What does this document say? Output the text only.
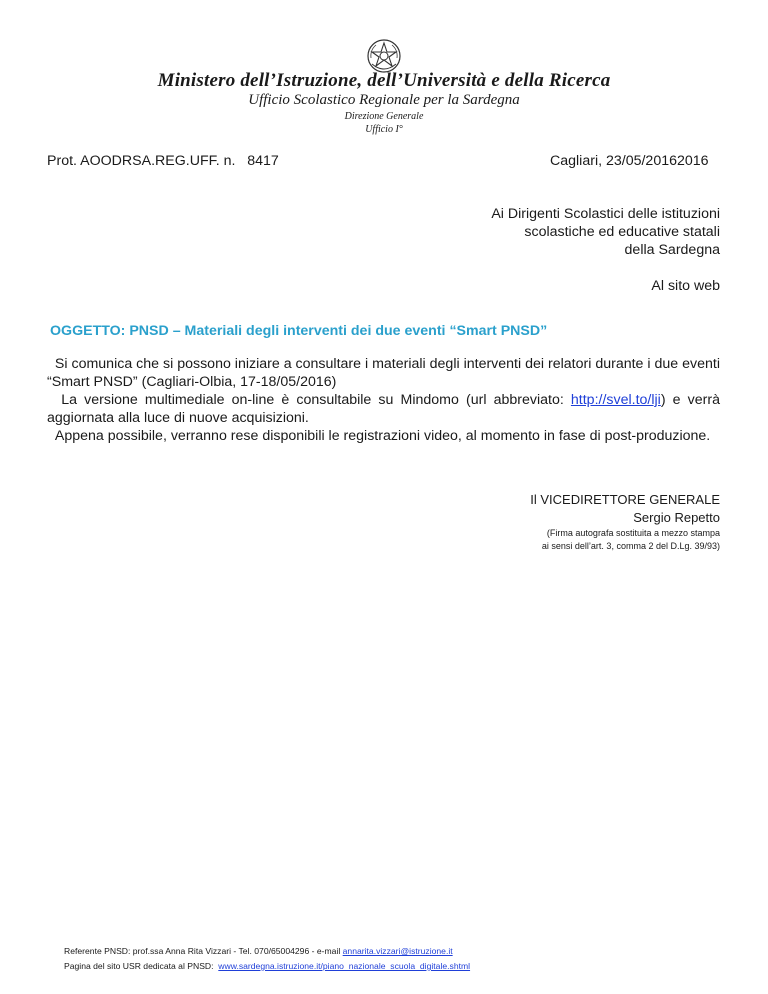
Ministero dell’Istruzione, dell’Università e della Ricerca
Ufficio Scolastico Regionale per la Sardegna
Direzione Generale
Ufficio I°
Prot. AOODRSA.REG.UFF. n.   8417	Cagliari, 23/05/20162016
Ai Dirigenti Scolastici delle istituzioni
scolastiche ed educative statali
della Sardegna
Al sito web
OGGETTO: PNSD – Materiali degli interventi dei due eventi “Smart PNSD”

Si comunica che si possono iniziare a consultare i materiali degli interventi dei relatori durante i due eventi “Smart PNSD” (Cagliari-Olbia, 17-18/05/2016)

La versione multimediale on-line è consultabile su Mindomo (url abbreviato: http://svel.to/lji) e verrà aggiornata alla luce di nuove acquisizioni.

Appena possibile, verranno rese disponibili le registrazioni video, al momento in fase di post-produzione.

Il VICEDIRETTORE GENERALE
Sergio Repetto
(Firma autografa sostituita a mezzo stampa
ai sensi dell’art. 3, comma 2 del D.Lg. 39/93)
Referente PNSD: prof.ssa Anna Rita Vizzari - Tel. 070/65004296 - e-mail annarita.vizzari@istruzione.it
Pagina del sito USR dedicata al PNSD:  www.sardegna.istruzione.it/piano_nazionale_scuola_digitale.shtml
